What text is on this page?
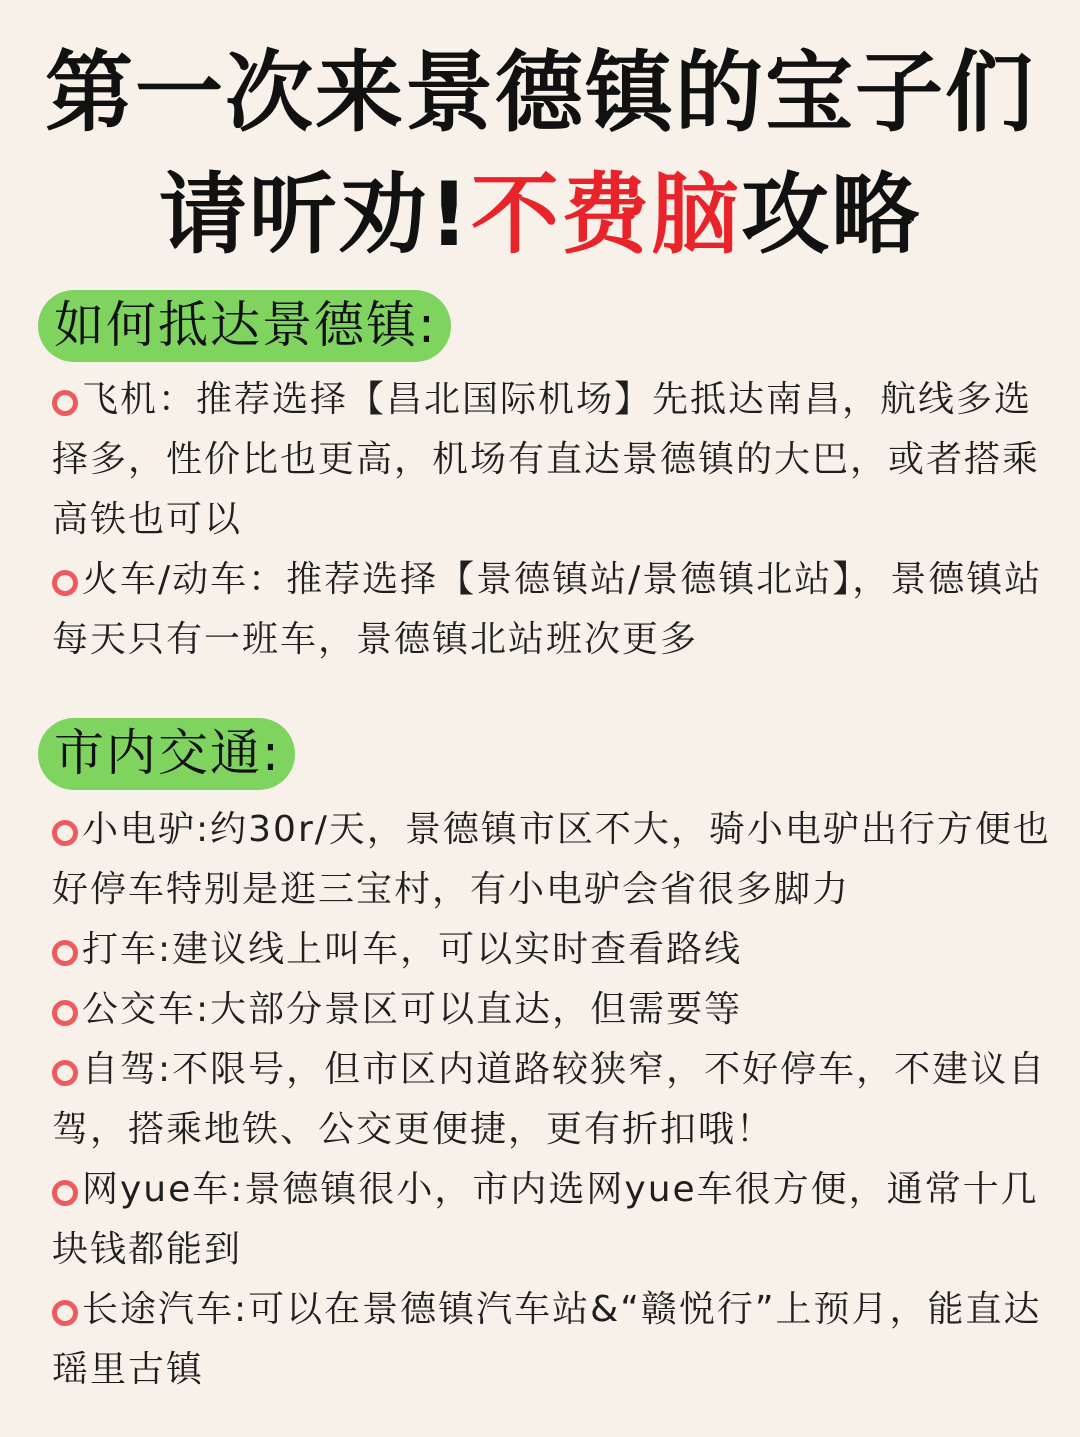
第一次来景德镇的宝子们
请听劝!不费脑攻略
如何抵达景德镇:
飞机：推荐选择【昌北国际机场】先抵达南昌，航线多选择多，性价比也更高，机场有直达景德镇的大巴，或者搭乘高铁也可以
火车/动车：推荐选择【景德镇站/景德镇北站】，景德镇站每天只有一班车，景德镇北站班次更多
市内交通:
小电驴:约30r/天，景德镇市区不大，骑小电驴出行方便也好停车特别是逛三宝村，有小电驴会省很多脚力
打车:建议线上叫车，可以实时查看路线
公交车:大部分景区可以直达，但需要等
自驾:不限号，但市区内道路较狭窄，不好停车，不建议自驾，搭乘地铁、公交更便捷，更有折扣哦！
网yue车:景德镇很小，市内选网yue车很方便，通常十几块钱都能到
长途汽车:可以在景德镇汽车站&“赣悦行”上预月，能直达瑶里古镇
